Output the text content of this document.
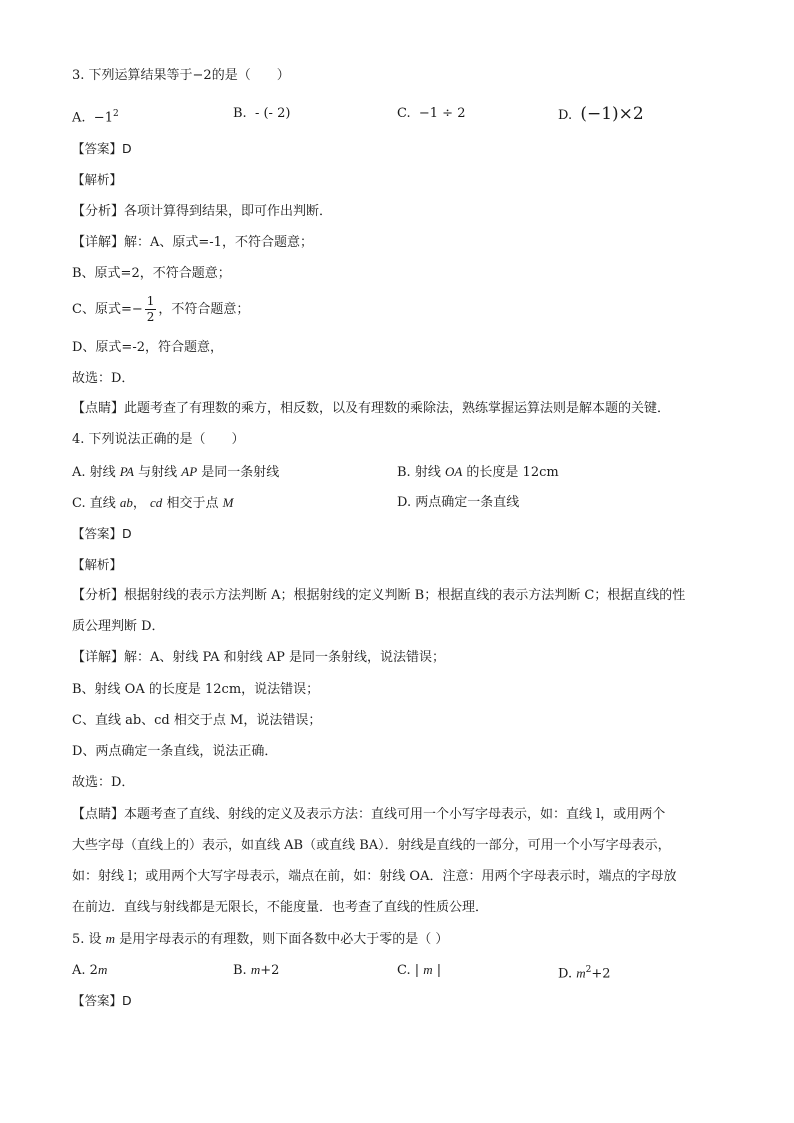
3. 下列运算结果等于−2的是（　　）
A. $-1^2$	B. - (- 2)	C. −1 ÷ 2	D. (−1)×2
【答案】D
【解析】
【分析】各项计算得到结果，即可作出判断．
【详解】解：A、原式=-1，不符合题意；
B、原式=2，不符合题意；
C、原式=− $\frac{1}{2}$ ，不符合题意；
D、原式=-2，符合题意，
故选：D．
【点睛】此题考查了有理数的乘方，相反数，以及有理数的乘除法，熟练掌握运算法则是解本题的关键．
4. 下列说法正确的是（　　）
A. 射线 PA 与射线 AP 是同一条射线	B. 射线 OA 的长度是 12cm
C. 直线 ab， cd 相交于点 M	D. 两点确定一条直线
【答案】D
【解析】
【分析】根据射线的表示方法判断 A；根据射线的定义判断 B；根据直线的表示方法判断 C；根据直线的性
质公理判断 D．
【详解】解：A、射线 PA 和射线 AP 是同一条射线，说法错误；
B、射线 OA 的长度是 12cm，说法错误；
C、直线 ab、cd 相交于点 M，说法错误；
D、两点确定一条直线，说法正确．
故选：D．
【点睛】本题考查了直线、射线的定义及表示方法：直线可用一个小写字母表示，如：直线 l，或用两个
大些字母（直线上的）表示，如直线 AB（或直线 BA）．射线是直线的一部分，可用一个小写字母表示，
如：射线 l；或用两个大写字母表示，端点在前，如：射线 OA．注意：用两个字母表示时，端点的字母放
在前边．直线与射线都是无限长，不能度量．也考查了直线的性质公理．
5. 设 m 是用字母表示的有理数，则下面各数中必大于零的是（ ）
A. 2m	B. m+2	C. | m |	D. $m^2+2$
【答案】D
